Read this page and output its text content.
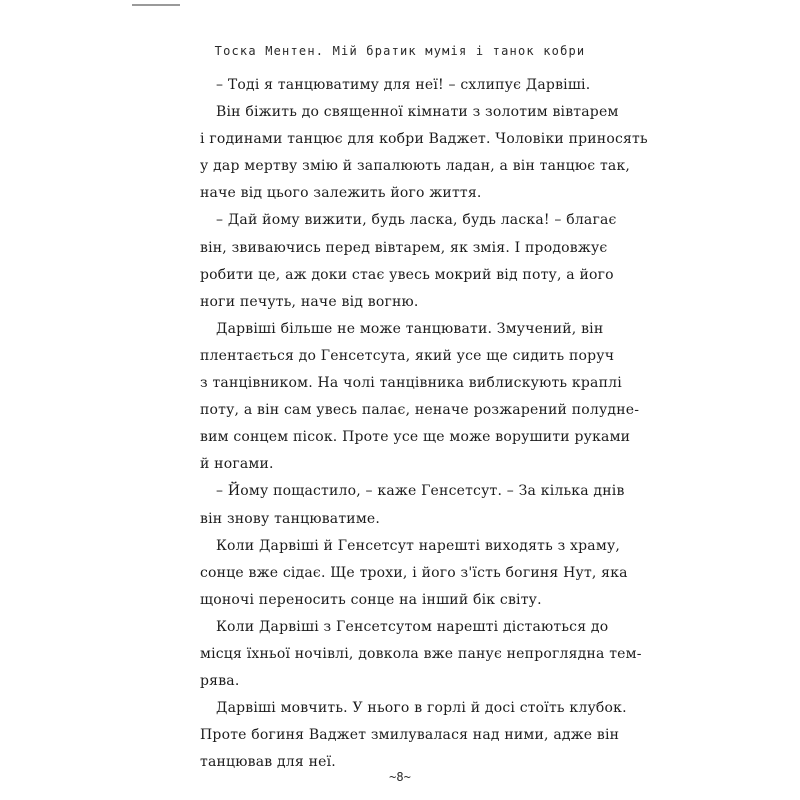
Тоска Ментен. Мій братик мумія і танок кобри
– Тоді я танцюватиму для неї! – схлипує Дарвіші.
Він біжить до священної кімнати з золотим вівтарем
і годинами танцює для кобри Ваджет. Чоловіки приносять
у дар мертву змію й запалюють ладан, а він танцює так,
наче від цього залежить його життя.
– Дай йому вижити, будь ласка, будь ласка! – благає
він, звиваючись перед вівтарем, як змія. І продовжує
робити це, аж доки стає увесь мокрий від поту, а його
ноги печуть, наче від вогню.
Дарвіші більше не може танцювати. Змучений, він
плентається до Генсетсута, який усе ще сидить поруч
з танцівником. На чолі танцівника виблискують краплі
поту, а він сам увесь палає, неначе розжарений полудне-
вим сонцем пісок. Проте усе ще може ворушити руками
й ногами.
– Йому пощастило, – каже Генсетсут. – За кілька днів
він знову танцюватиме.
Коли Дарвіші й Генсетсут нарешті виходять з храму,
сонце вже сідає. Ще трохи, і його з'їсть богиня Нут, яка
щоночі переносить сонце на інший бік світу.
Коли Дарвіші з Генсетсутом нарешті дістаються до
місця їхньої ночівлі, довкола вже панує непроглядна тем-
рява.
Дарвіші мовчить. У нього в горлі й досі стоїть клубок.
Проте богиня Ваджет змилувалася над ними, адже він
танцював для неї.
~8~
